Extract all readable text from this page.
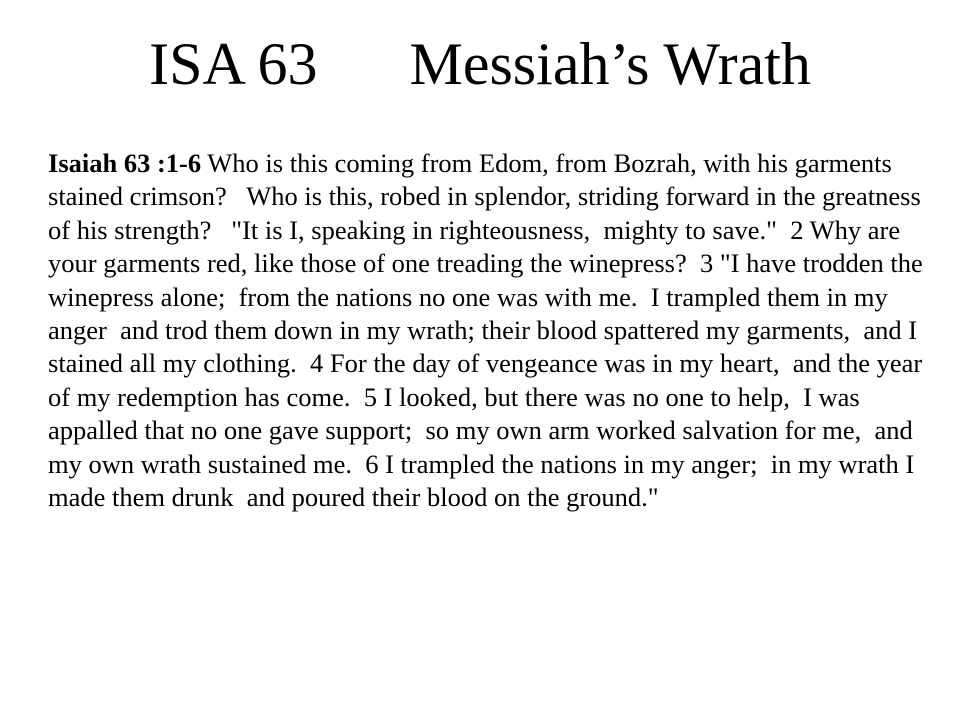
ISA 63 Messiah’s Wrath
Isaiah 63 :1-6 Who is this coming from Edom, from Bozrah, with his garments stained crimson?   Who is this, robed in splendor, striding forward in the greatness of his strength?   "It is I, speaking in righteousness,  mighty to save."  2 Why are your garments red, like those of one treading the winepress?  3 "I have trodden the winepress alone;  from the nations no one was with me.  I trampled them in my anger  and trod them down in my wrath; their blood spattered my garments,  and I stained all my clothing.  4 For the day of vengeance was in my heart,  and the year of my redemption has come.  5 I looked, but there was no one to help,  I was appalled that no one gave support;  so my own arm worked salvation for me,  and my own wrath sustained me.  6 I trampled the nations in my anger;  in my wrath I made them drunk  and poured their blood on the ground."
